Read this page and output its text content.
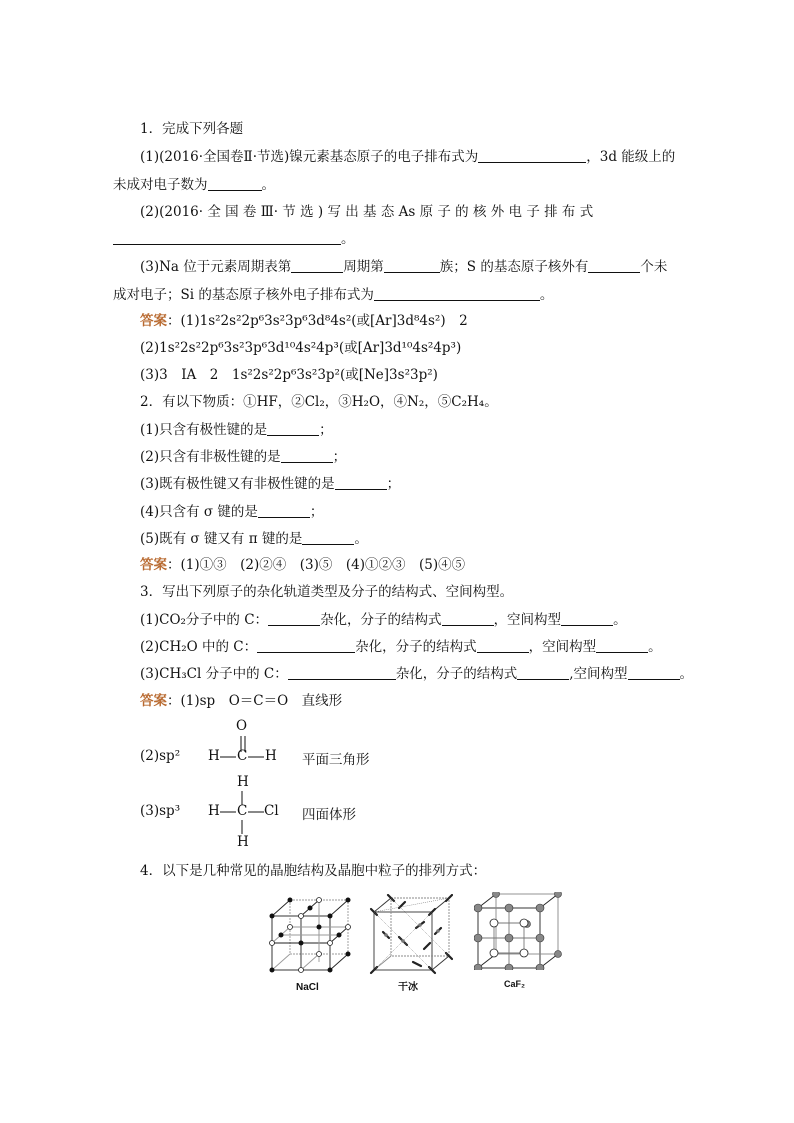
1．完成下列各题
(1)(2016·全国卷Ⅱ·节选)镍元素基态原子的电子排布式为	，3d 能级上的
未成对电子数为	。
(2)(2016· 全 国 卷 Ⅲ· 节 选 ) 写 出 基 态 As 原 子 的 核 外 电 子 排 布 式
。
(3)Na 位于元素周期表第	周期第	族；S 的基态原子核外有	个未
成对电子；Si 的基态原子核外电子排布式为	。
答案：(1)1s²2s²2p⁶3s²3p⁶3d⁸4s²(或[Ar]3d⁸4s²)　2
(2)1s²2s²2p⁶3s²3p⁶3d¹⁰4s²4p³(或[Ar]3d¹⁰4s²4p³)
(3)3　IA　2　1s²2s²2p⁶3s²3p²(或[Ne]3s²3p²)
2．有以下物质：①HF，②Cl₂，③H₂O，④N₂，⑤C₂H₄。
(1)只含有极性键的是	；
(2)只含有非极性键的是	；
(3)既有极性键又有非极性键的是	；
(4)只含有 σ 键的是	；
(5)既有 σ 键又有 π 键的是	。
答案：(1)①③　(2)②④　(3)⑤　(4)①②③　(5)④⑤
3．写出下列原子的杂化轨道类型及分子的结构式、空间构型。
(1)CO₂分子中的 C：	杂化，分子的结构式	，空间构型	。
(2)CH₂O 中的 C：	杂化，分子的结构式	，空间构型	。
(3)CH₃Cl 分子中的 C：	杂化，分子的结构式	,空间构型	。
答案：(1)sp　O＝C＝O　直线形
(2)sp²
O
H C H 平面三角形
H
(3)sp³ H C Cl
H
四面体形
4．以下是几种常见的晶胞结构及晶胞中粒子的排列方式：
NaCl	干冰	CaF₂
